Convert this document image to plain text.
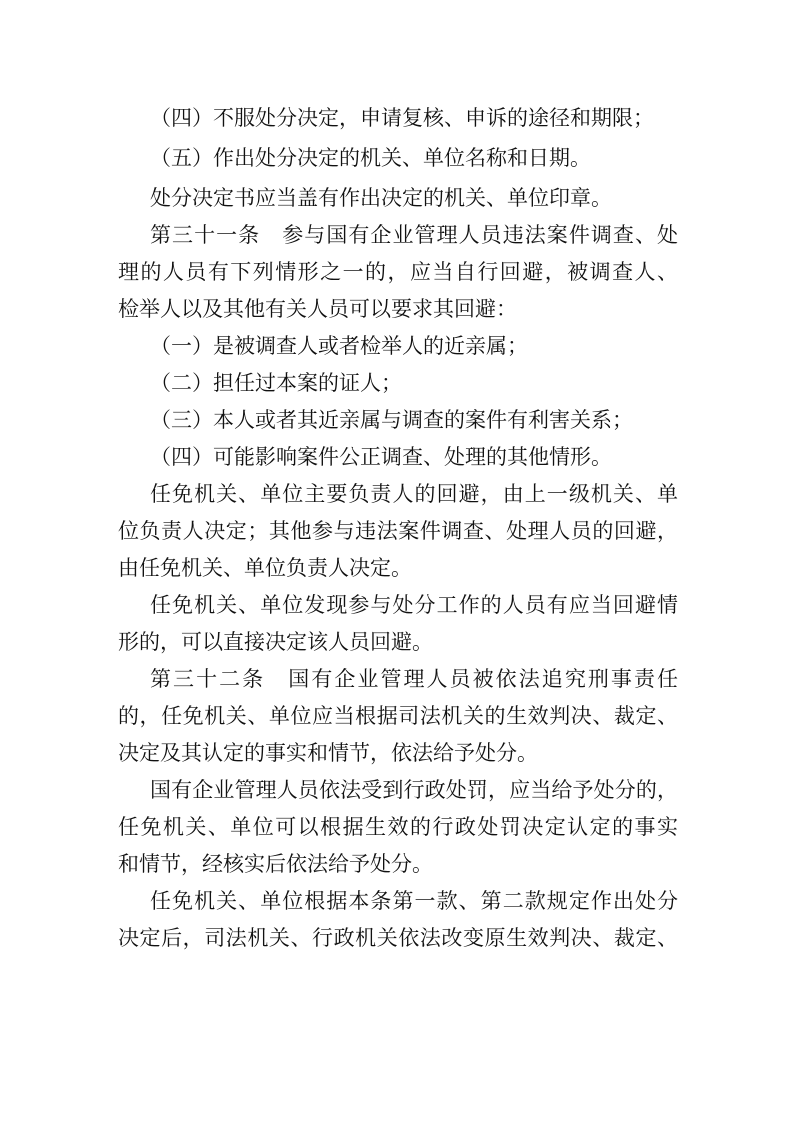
（四）不服处分决定，申请复核、申诉的途径和期限；
（五）作出处分决定的机关、单位名称和日期。
处分决定书应当盖有作出决定的机关、单位印章。
第三十一条　参与国有企业管理人员违法案件调查、处
理的人员有下列情形之一的，应当自行回避，被调查人、
检举人以及其他有关人员可以要求其回避：
（一）是被调查人或者检举人的近亲属；
（二）担任过本案的证人；
（三）本人或者其近亲属与调查的案件有利害关系；
（四）可能影响案件公正调查、处理的其他情形。
任免机关、单位主要负责人的回避，由上一级机关、单
位负责人决定；其他参与违法案件调查、处理人员的回避，
由任免机关、单位负责人决定。
任免机关、单位发现参与处分工作的人员有应当回避情
形的，可以直接决定该人员回避。
第三十二条　国有企业管理人员被依法追究刑事责任
的，任免机关、单位应当根据司法机关的生效判决、裁定、
决定及其认定的事实和情节，依法给予处分。
国有企业管理人员依法受到行政处罚，应当给予处分的，
任免机关、单位可以根据生效的行政处罚决定认定的事实
和情节，经核实后依法给予处分。
任免机关、单位根据本条第一款、第二款规定作出处分
决定后，司法机关、行政机关依法改变原生效判决、裁定、
